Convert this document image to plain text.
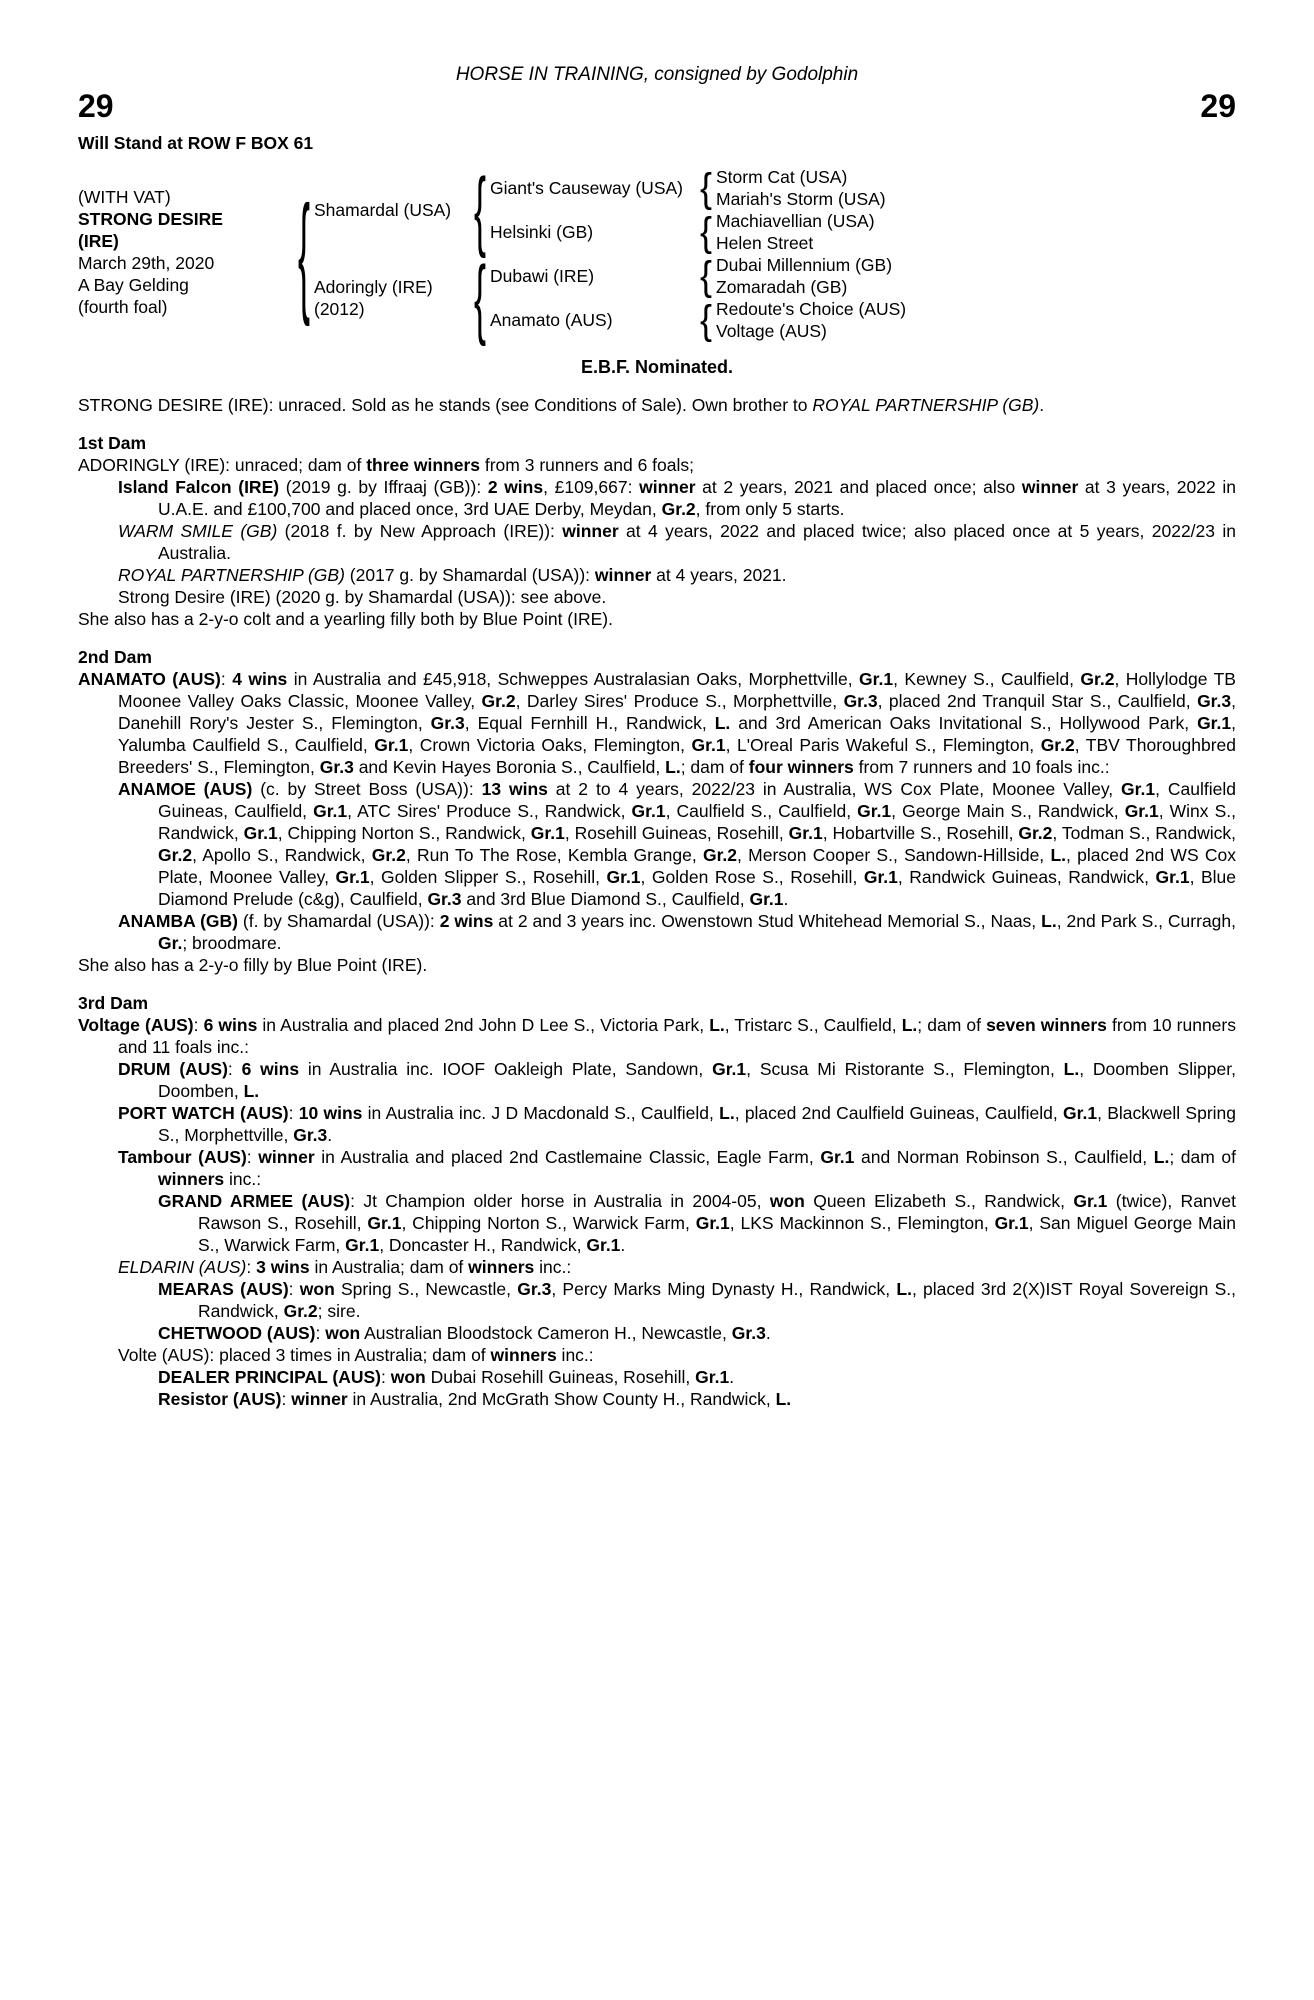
HORSE IN TRAINING, consigned by Godolphin
29	29
Will Stand at ROW F BOX 61
(WITH VAT)
STRONG DESIRE
(IRE)
March 29th, 2020
A Bay Gelding
(fourth foal)
{
Shamardal (USA)
{
Giant's Causeway (USA)
{
Storm Cat (USA)
Mariah's Storm (USA)
Helsinki (GB)
{
Machiavellian (USA)
Helen Street
Adoringly (IRE)
(2012)
{
Dubawi (IRE)
{
Dubai Millennium (GB)
Zomaradah (GB)
Anamato (AUS)
{
Redoute's Choice (AUS)
Voltage (AUS)
E.B.F. Nominated.

STRONG DESIRE (IRE): unraced. Sold as he stands (see Conditions of Sale). Own brother to ROYAL PARTNERSHIP (GB).

1st Dam

ADORINGLY (IRE): unraced; dam of three winners from 3 runners and 6 foals;

Island Falcon (IRE) (2019 g. by Iffraaj (GB)): 2 wins, £109,667: winner at 2 years, 2021 and placed once; also winner at 3 years, 2022 in U.A.E. and £100,700 and placed once, 3rd UAE Derby, Meydan, Gr.2, from only 5 starts.

WARM SMILE (GB) (2018 f. by New Approach (IRE)): winner at 4 years, 2022 and placed twice; also placed once at 5 years, 2022/23 in Australia.

ROYAL PARTNERSHIP (GB) (2017 g. by Shamardal (USA)): winner at 4 years, 2021.

Strong Desire (IRE) (2020 g. by Shamardal (USA)): see above.

She also has a 2-y-o colt and a yearling filly both by Blue Point (IRE).

2nd Dam

ANAMATO (AUS): 4 wins in Australia and £45,918, Schweppes Australasian Oaks, Morphettville, Gr.1, Kewney S., Caulfield, Gr.2, Hollylodge TB Moonee Valley Oaks Classic, Moonee Valley, Gr.2, Darley Sires' Produce S., Morphettville, Gr.3, placed 2nd Tranquil Star S., Caulfield, Gr.3, Danehill Rory's Jester S., Flemington, Gr.3, Equal Fernhill H., Randwick, L. and 3rd American Oaks Invitational S., Hollywood Park, Gr.1, Yalumba Caulfield S., Caulfield, Gr.1, Crown Victoria Oaks, Flemington, Gr.1, L'Oreal Paris Wakeful S., Flemington, Gr.2, TBV Thoroughbred Breeders' S., Flemington, Gr.3 and Kevin Hayes Boronia S., Caulfield, L.; dam of four winners from 7 runners and 10 foals inc.:

ANAMOE (AUS) (c. by Street Boss (USA)): 13 wins at 2 to 4 years, 2022/23 in Australia, WS Cox Plate, Moonee Valley, Gr.1, Caulfield Guineas, Caulfield, Gr.1, ATC Sires' Produce S., Randwick, Gr.1, Caulfield S., Caulfield, Gr.1, George Main S., Randwick, Gr.1, Winx S., Randwick, Gr.1, Chipping Norton S., Randwick, Gr.1, Rosehill Guineas, Rosehill, Gr.1, Hobartville S., Rosehill, Gr.2, Todman S., Randwick, Gr.2, Apollo S., Randwick, Gr.2, Run To The Rose, Kembla Grange, Gr.2, Merson Cooper S., Sandown-Hillside, L., placed 2nd WS Cox Plate, Moonee Valley, Gr.1, Golden Slipper S., Rosehill, Gr.1, Golden Rose S., Rosehill, Gr.1, Randwick Guineas, Randwick, Gr.1, Blue Diamond Prelude (c&g), Caulfield, Gr.3 and 3rd Blue Diamond S., Caulfield, Gr.1.

ANAMBA (GB) (f. by Shamardal (USA)): 2 wins at 2 and 3 years inc. Owenstown Stud Whitehead Memorial S., Naas, L., 2nd Park S., Curragh, Gr.; broodmare.

She also has a 2-y-o filly by Blue Point (IRE).

3rd Dam

Voltage (AUS): 6 wins in Australia and placed 2nd John D Lee S., Victoria Park, L., Tristarc S., Caulfield, L.; dam of seven winners from 10 runners and 11 foals inc.:

DRUM (AUS): 6 wins in Australia inc. IOOF Oakleigh Plate, Sandown, Gr.1, Scusa Mi Ristorante S., Flemington, L., Doomben Slipper, Doomben, L.

PORT WATCH (AUS): 10 wins in Australia inc. J D Macdonald S., Caulfield, L., placed 2nd Caulfield Guineas, Caulfield, Gr.1, Blackwell Spring S., Morphettville, Gr.3.

Tambour (AUS): winner in Australia and placed 2nd Castlemaine Classic, Eagle Farm, Gr.1 and Norman Robinson S., Caulfield, L.; dam of winners inc.:

GRAND ARMEE (AUS): Jt Champion older horse in Australia in 2004-05, won Queen Elizabeth S., Randwick, Gr.1 (twice), Ranvet Rawson S., Rosehill, Gr.1, Chipping Norton S., Warwick Farm, Gr.1, LKS Mackinnon S., Flemington, Gr.1, San Miguel George Main S., Warwick Farm, Gr.1, Doncaster H., Randwick, Gr.1.

ELDARIN (AUS): 3 wins in Australia; dam of winners inc.:

MEARAS (AUS): won Spring S., Newcastle, Gr.3, Percy Marks Ming Dynasty H., Randwick, L., placed 3rd 2(X)IST Royal Sovereign S., Randwick, Gr.2; sire.

CHETWOOD (AUS): won Australian Bloodstock Cameron H., Newcastle, Gr.3.

Volte (AUS): placed 3 times in Australia; dam of winners inc.:

DEALER PRINCIPAL (AUS): won Dubai Rosehill Guineas, Rosehill, Gr.1.

Resistor (AUS): winner in Australia, 2nd McGrath Show County H., Randwick, L.
